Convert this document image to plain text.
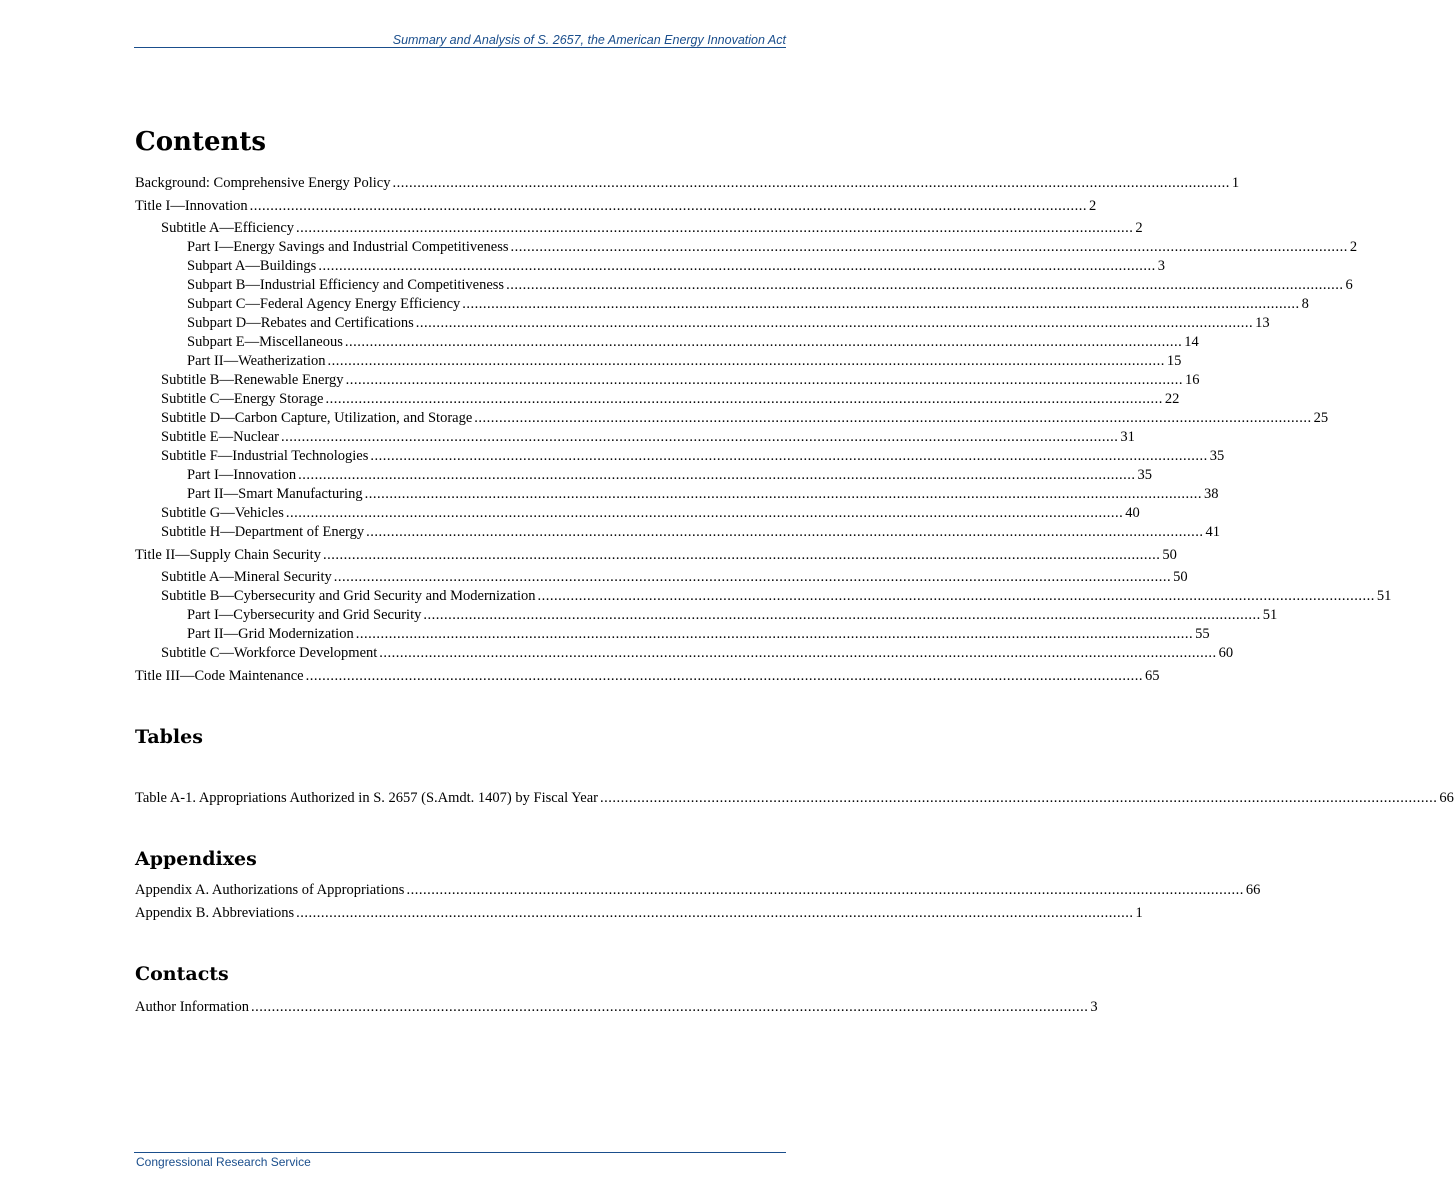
Summary and Analysis of S. 2657, the American Energy Innovation Act
Contents
Background: Comprehensive Energy Policy ........................................................................................................................................................................................................... 1
Title I—Innovation ........................................................................................................................................................................................................... 2
Subtitle A—Efficiency ........................................................................................................................................................................................................... 2
Part I—Energy Savings and Industrial Competitiveness ........................................................................................................................................................................................................... 2
Subpart A—Buildings ........................................................................................................................................................................................................... 3
Subpart B—Industrial Efficiency and Competitiveness ........................................................................................................................................................................................................... 6
Subpart C—Federal Agency Energy Efficiency ........................................................................................................................................................................................................... 8
Subpart D—Rebates and Certifications ........................................................................................................................................................................................................... 13
Subpart E—Miscellaneous ........................................................................................................................................................................................................... 14
Part II—Weatherization ........................................................................................................................................................................................................... 15
Subtitle B—Renewable Energy ........................................................................................................................................................................................................... 16
Subtitle C—Energy Storage ........................................................................................................................................................................................................... 22
Subtitle D—Carbon Capture, Utilization, and Storage ........................................................................................................................................................................................................... 25
Subtitle E—Nuclear ........................................................................................................................................................................................................... 31
Subtitle F—Industrial Technologies ........................................................................................................................................................................................................... 35
Part I—Innovation ........................................................................................................................................................................................................... 35
Part II—Smart Manufacturing ........................................................................................................................................................................................................... 38
Subtitle G—Vehicles ........................................................................................................................................................................................................... 40
Subtitle H—Department of Energy ........................................................................................................................................................................................................... 41
Title II—Supply Chain Security ........................................................................................................................................................................................................... 50
Subtitle A—Mineral Security ........................................................................................................................................................................................................... 50
Subtitle B—Cybersecurity and Grid Security and Modernization ........................................................................................................................................................................................................... 51
Part I—Cybersecurity and Grid Security ........................................................................................................................................................................................................... 51
Part II—Grid Modernization ........................................................................................................................................................................................................... 55
Subtitle C—Workforce Development ........................................................................................................................................................................................................... 60
Title III—Code Maintenance ........................................................................................................................................................................................................... 65
Tables
Table A-1. Appropriations Authorized in S. 2657 (S.Amdt. 1407) by Fiscal Year ........................................................................................................................................................................................................... 66
Appendixes
Appendix A. Authorizations of Appropriations ........................................................................................................................................................................................................... 66
Appendix B. Abbreviations ........................................................................................................................................................................................................... 1
Contacts
Author Information ........................................................................................................................................................................................................... 3
Congressional Research Service
